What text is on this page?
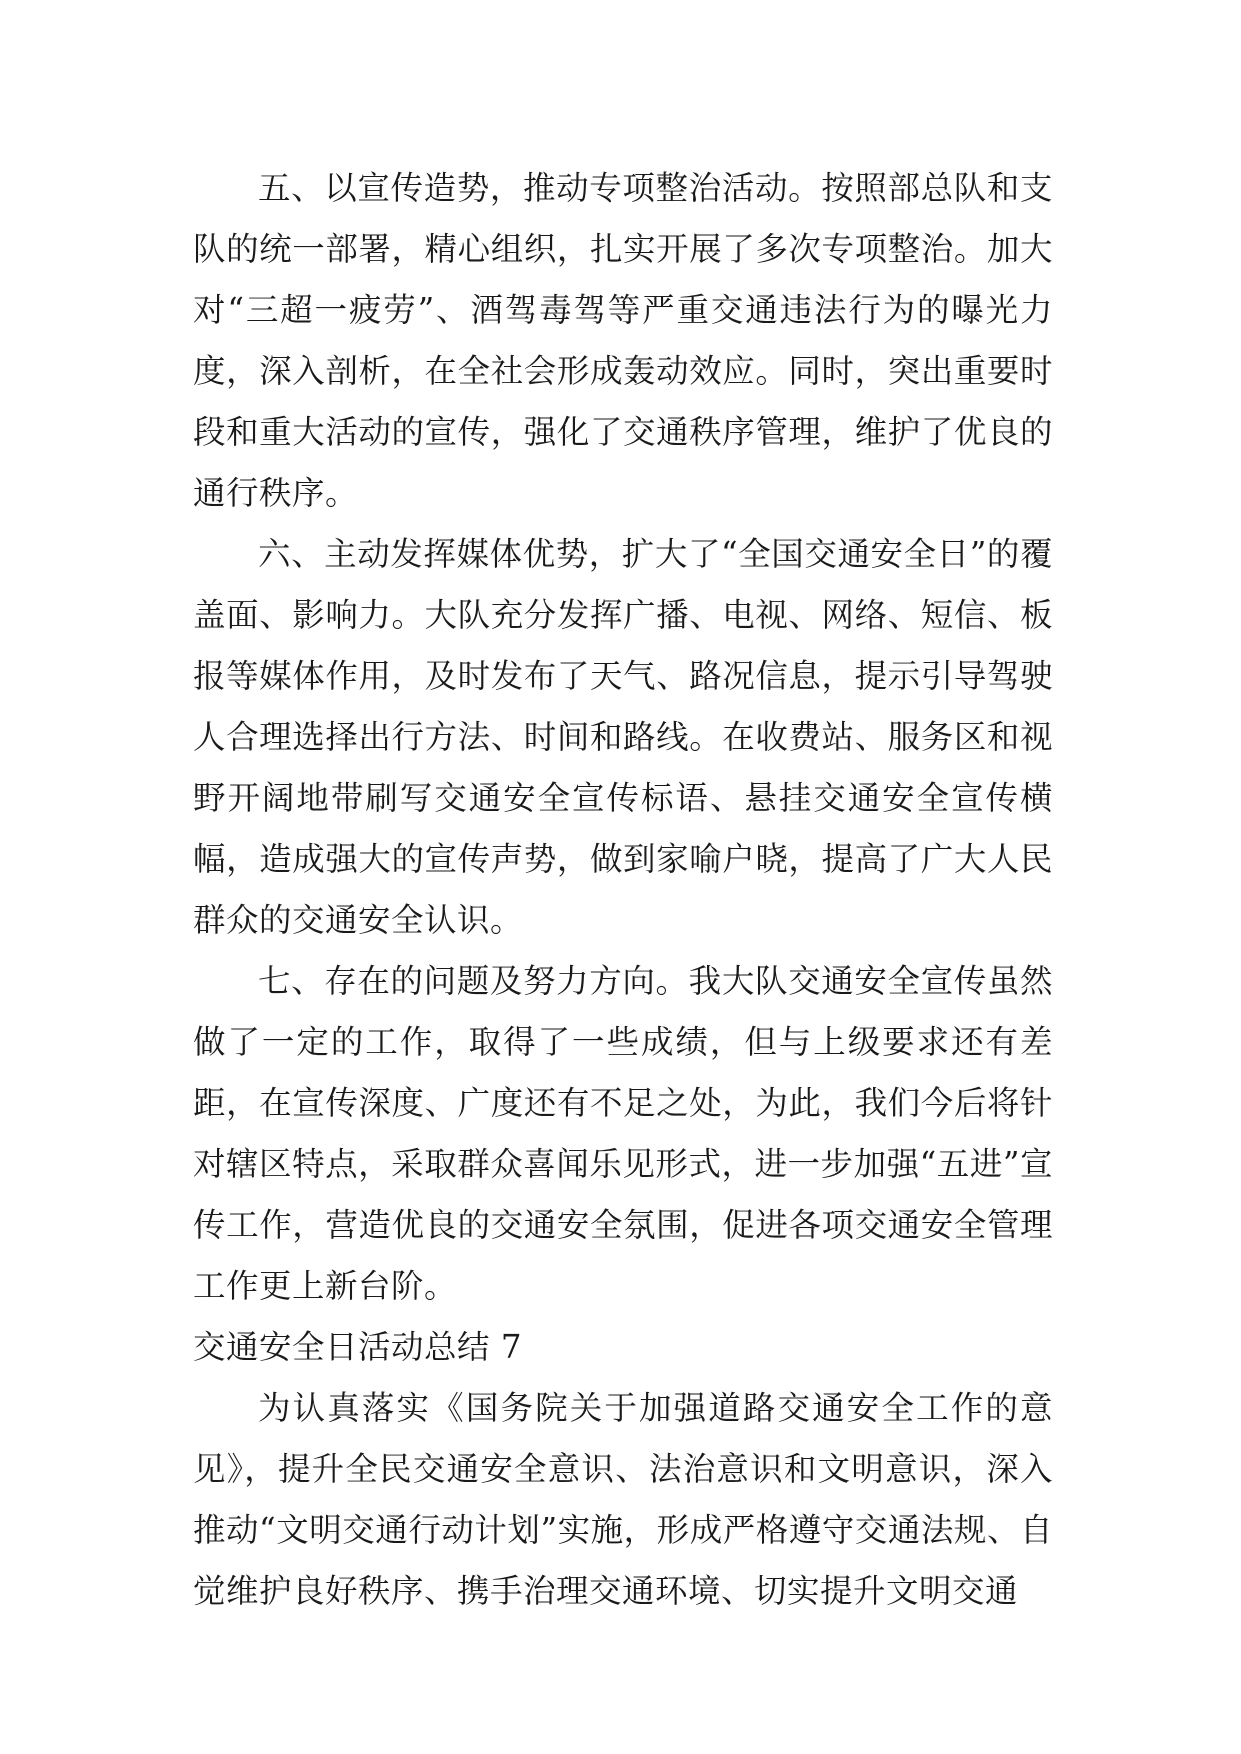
五、以宣传造势，推动专项整治活动。按照部总队和支队的统一部署，精心组织，扎实开展了多次专项整治。加大对“三超一疲劳”、酒驾毒驾等严重交通违法行为的曝光力度，深入剖析，在全社会形成轰动效应。同时，突出重要时段和重大活动的宣传，强化了交通秩序管理，维护了优良的通行秩序。

六、主动发挥媒体优势，扩大了“全国交通安全日”的覆盖面、影响力。大队充分发挥广播、电视、网络、短信、板报等媒体作用，及时发布了天气、路况信息，提示引导驾驶人合理选择出行方法、时间和路线。在收费站、服务区和视野开阔地带刷写交通安全宣传标语、悬挂交通安全宣传横幅，造成强大的宣传声势，做到家喻户晓，提高了广大人民群众的交通安全认识。

七、存在的问题及努力方向。我大队交通安全宣传虽然做了一定的工作，取得了一些成绩，但与上级要求还有差距，在宣传深度、广度还有不足之处，为此，我们今后将针对辖区特点，采取群众喜闻乐见形式，进一步加强“五进”宣传工作，营造优良的交通安全氛围，促进各项交通安全管理工作更上新台阶。

交通安全日活动总结 7

为认真落实《国务院关于加强道路交通安全工作的意见》，提升全民交通安全意识、法治意识和文明意识，深入推动“文明交通行动计划”实施，形成严格遵守交通法规、自觉维护良好秩序、携手治理交通环境、切实提升文明交通
